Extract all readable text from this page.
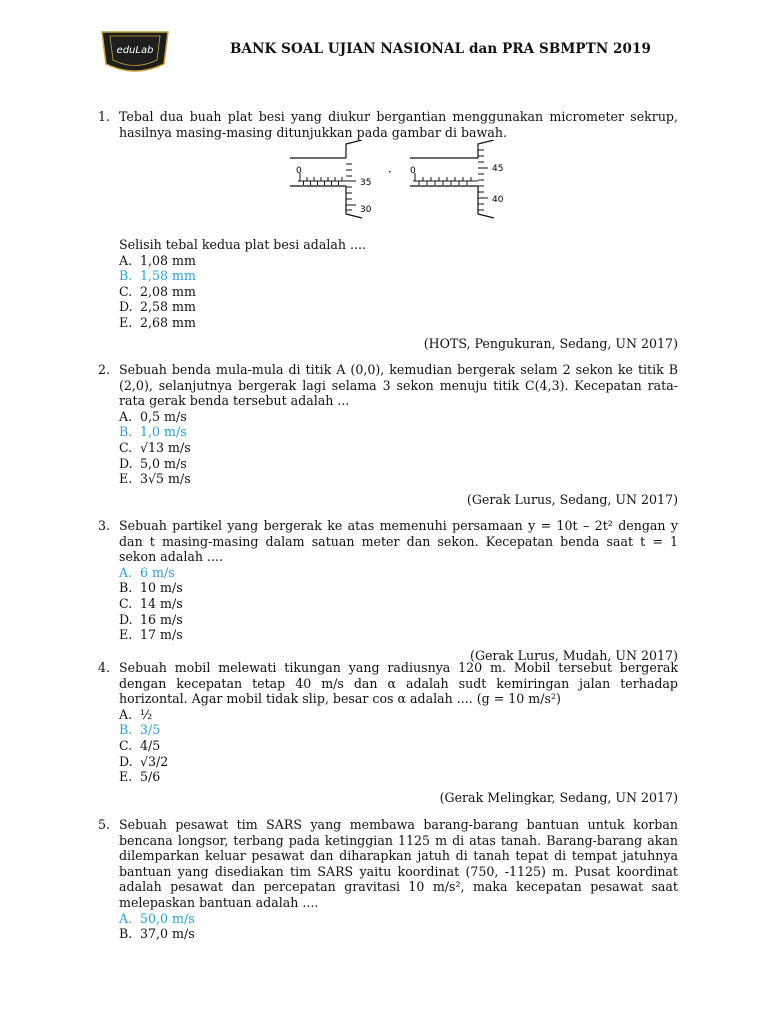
eduLab	BANK SOAL UJIAN NASIONAL dan PRA SBMPTN 2019
1. Tebal dua buah plat besi yang diukur bergantian menggunakan micrometer sekrup, hasilnya masing-masing ditunjukkan pada gambar di bawah.
0
35
30
· 0	45
40
Selisih tebal kedua plat besi adalah ....
A. 1,08 mm
B. 1,58 mm
C. 2,08 mm
D. 2,58 mm
E. 2,68 mm
(HOTS, Pengukuran, Sedang, UN 2017)
2. Sebuah benda mula-mula di titik A (0,0), kemudian bergerak selam 2 sekon ke titik B (2,0), selanjutnya bergerak lagi selama 3 sekon menuju titik C(4,3). Kecepatan rata-rata gerak benda tersebut adalah ...
A. 0,5 m/s
B. 1,0 m/s
C. √13 m/s
D. 5,0 m/s
E. 3√5 m/s
(Gerak Lurus, Sedang, UN 2017)
3. Sebuah partikel yang bergerak ke atas memenuhi persamaan y = 10t – 2t² dengan y dan t masing-masing dalam satuan meter dan sekon. Kecepatan benda saat t = 1 sekon adalah ....
A. 6 m/s
B. 10 m/s
C. 14 m/s
D. 16 m/s
E. 17 m/s
(Gerak Lurus, Mudah, UN 2017)
4. Sebuah mobil melewati tikungan yang radiusnya 120 m. Mobil tersebut bergerak dengan kecepatan tetap 40 m/s dan α adalah sudt kemiringan jalan terhadap horizontal. Agar mobil tidak slip, besar cos α adalah .... (g = 10 m/s²)
A. ½
B. 3/5
C. 4/5
D. √3/2
E. 5/6
(Gerak Melingkar, Sedang, UN 2017)
5. Sebuah pesawat tim SARS yang membawa barang-barang bantuan untuk korban bencana longsor, terbang pada ketinggian 1125 m di atas tanah. Barang-barang akan dilemparkan keluar pesawat dan diharapkan jatuh di tanah tepat di tempat jatuhnya bantuan yang disediakan tim SARS yaitu koordinat (750, -1125) m. Pusat koordinat adalah pesawat dan percepatan gravitasi 10 m/s², maka kecepatan pesawat saat melepaskan bantuan adalah ....
A. 50,0 m/s
B. 37,0 m/s
